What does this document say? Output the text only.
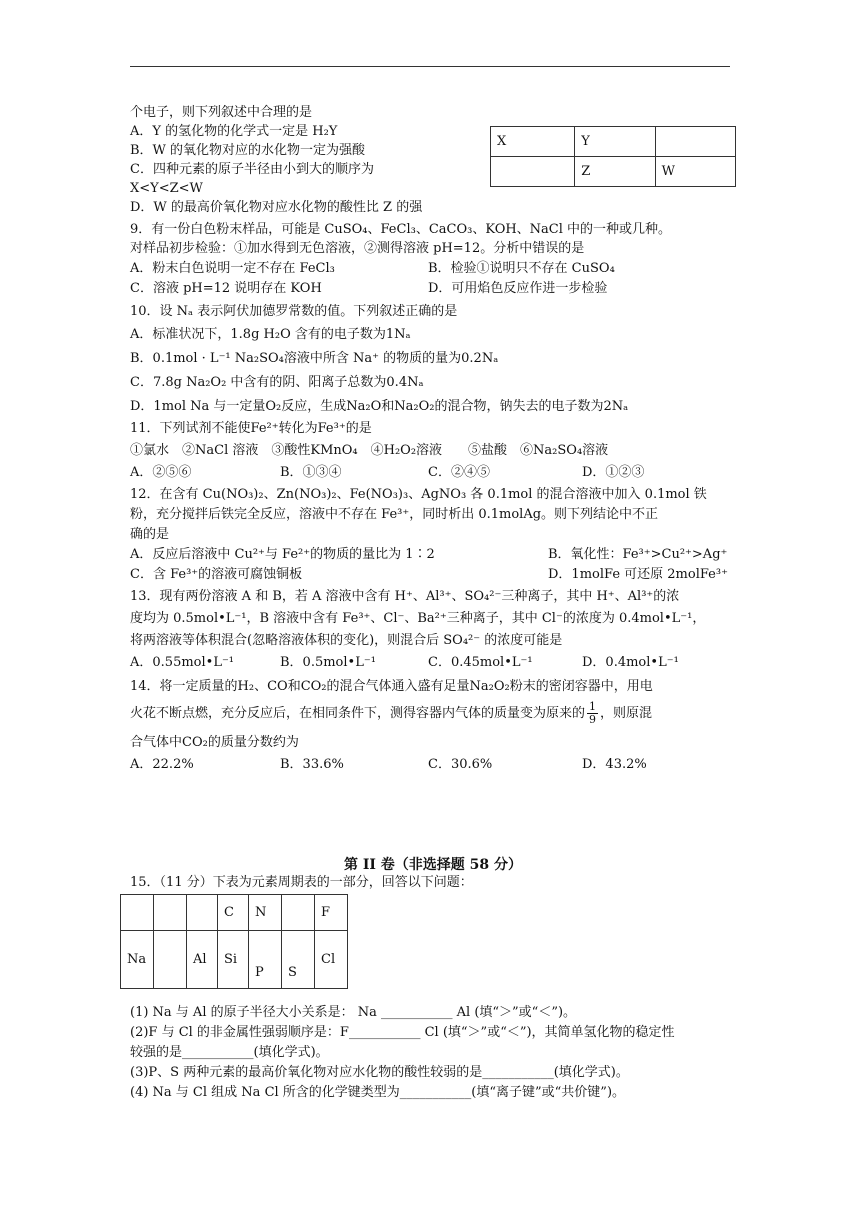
个电子，则下列叙述中合理的是
A．Y 的氢化物的化学式一定是 H₂Y
B．W 的氧化物对应的水化物一定为强酸
C．四种元素的原子半径由小到大的顺序为
X<Y<Z<W
D．W 的最高价氧化物对应水化物的酸性比 Z 的强
X	Y	
	Z	W
9．有一份白色粉末样品，可能是 CuSO₄、FeCl₃、CaCO₃、KOH、NaCl 中的一种或几种。
对样品初步检验：①加水得到无色溶液，②测得溶液 pH=12。分析中错误的是
A．粉末白色说明一定不存在 FeCl₃	B．检验①说明只不存在 CuSO₄
C．溶液 pH=12 说明存在 KOH	D．可用焰色反应作进一步检验
10．设 Nₐ 表示阿伏加德罗常数的值。下列叙述正确的是
A．标准状况下，1.8g H₂O 含有的电子数为1Nₐ
B．0.1mol · L⁻¹ Na₂SO₄溶液中所含 Na⁺ 的物质的量为0.2Nₐ
C．7.8g Na₂O₂ 中含有的阴、阳离子总数为0.4Nₐ
D．1mol Na 与一定量O₂反应，生成Na₂O和Na₂O₂的混合物，钠失去的电子数为2Nₐ
11．下列试剂不能使Fe²⁺转化为Fe³⁺的是
①氯水　②NaCl 溶液　③酸性KMnO₄　④H₂O₂溶液　　⑤盐酸　⑥Na₂SO₄溶液
A．②⑤⑥	B．①③④	C．②④⑤	D．①②③
12．在含有 Cu(NO₃)₂、Zn(NO₃)₂、Fe(NO₃)₃、AgNO₃ 各 0.1mol 的混合溶液中加入 0.1mol 铁
粉，充分搅拌后铁完全反应，溶液中不存在 Fe³⁺，同时析出 0.1molAg。则下列结论中不正
确的是
A．反应后溶液中 Cu²⁺与 Fe²⁺的物质的量比为 1∶2	B．氧化性：Fe³⁺>Cu²⁺>Ag⁺
C．含 Fe³⁺的溶液可腐蚀铜板	D．1molFe 可还原 2molFe³⁺
13．现有两份溶液 A 和 B，若 A 溶液中含有 H⁺、Al³⁺、SO₄²⁻三种离子，其中 H⁺、Al³⁺的浓
度均为 0.5mol•L⁻¹，B 溶液中含有 Fe³⁺、Cl⁻、Ba²⁺三种离子，其中 Cl⁻的浓度为 0.4mol•L⁻¹，
将两溶液等体积混合(忽略溶液体积的变化)，则混合后 SO₄²⁻ 的浓度可能是
A．0.55mol•L⁻¹	B．0.5mol•L⁻¹	C．0.45mol•L⁻¹	D．0.4mol•L⁻¹
14．将一定质量的H₂、CO和CO₂的混合气体通入盛有足量Na₂O₂粉末的密闭容器中，用电
火花不断点燃，充分反应后，在相同条件下，测得容器内气体的质量变为原来的 $\frac{1}{9}$ ，则原混
合气体中CO₂的质量分数约为
A．22.2%	B．33.6%	C．30.6%	D．43.2%
第 II 卷（非选择题 58 分）
15．（11 分）下表为元素周期表的一部分，回答以下问题：
			C	N		F
Na		Al	Si	P	S	Cl
(1) Na 与 Al 的原子半径大小关系是： Na ___________ Al (填“＞”或“＜”)。
(2)F 与 Cl 的非金属性强弱顺序是：F___________ Cl (填“＞”或“＜”)，其简单氢化物的稳定性
较强的是___________(填化学式)。
(3)P、S 两种元素的最高价氧化物对应水化物的酸性较弱的是___________(填化学式)。
(4) Na 与 Cl 组成 Na Cl 所含的化学键类型为___________(填“离子键”或“共价键”)。
